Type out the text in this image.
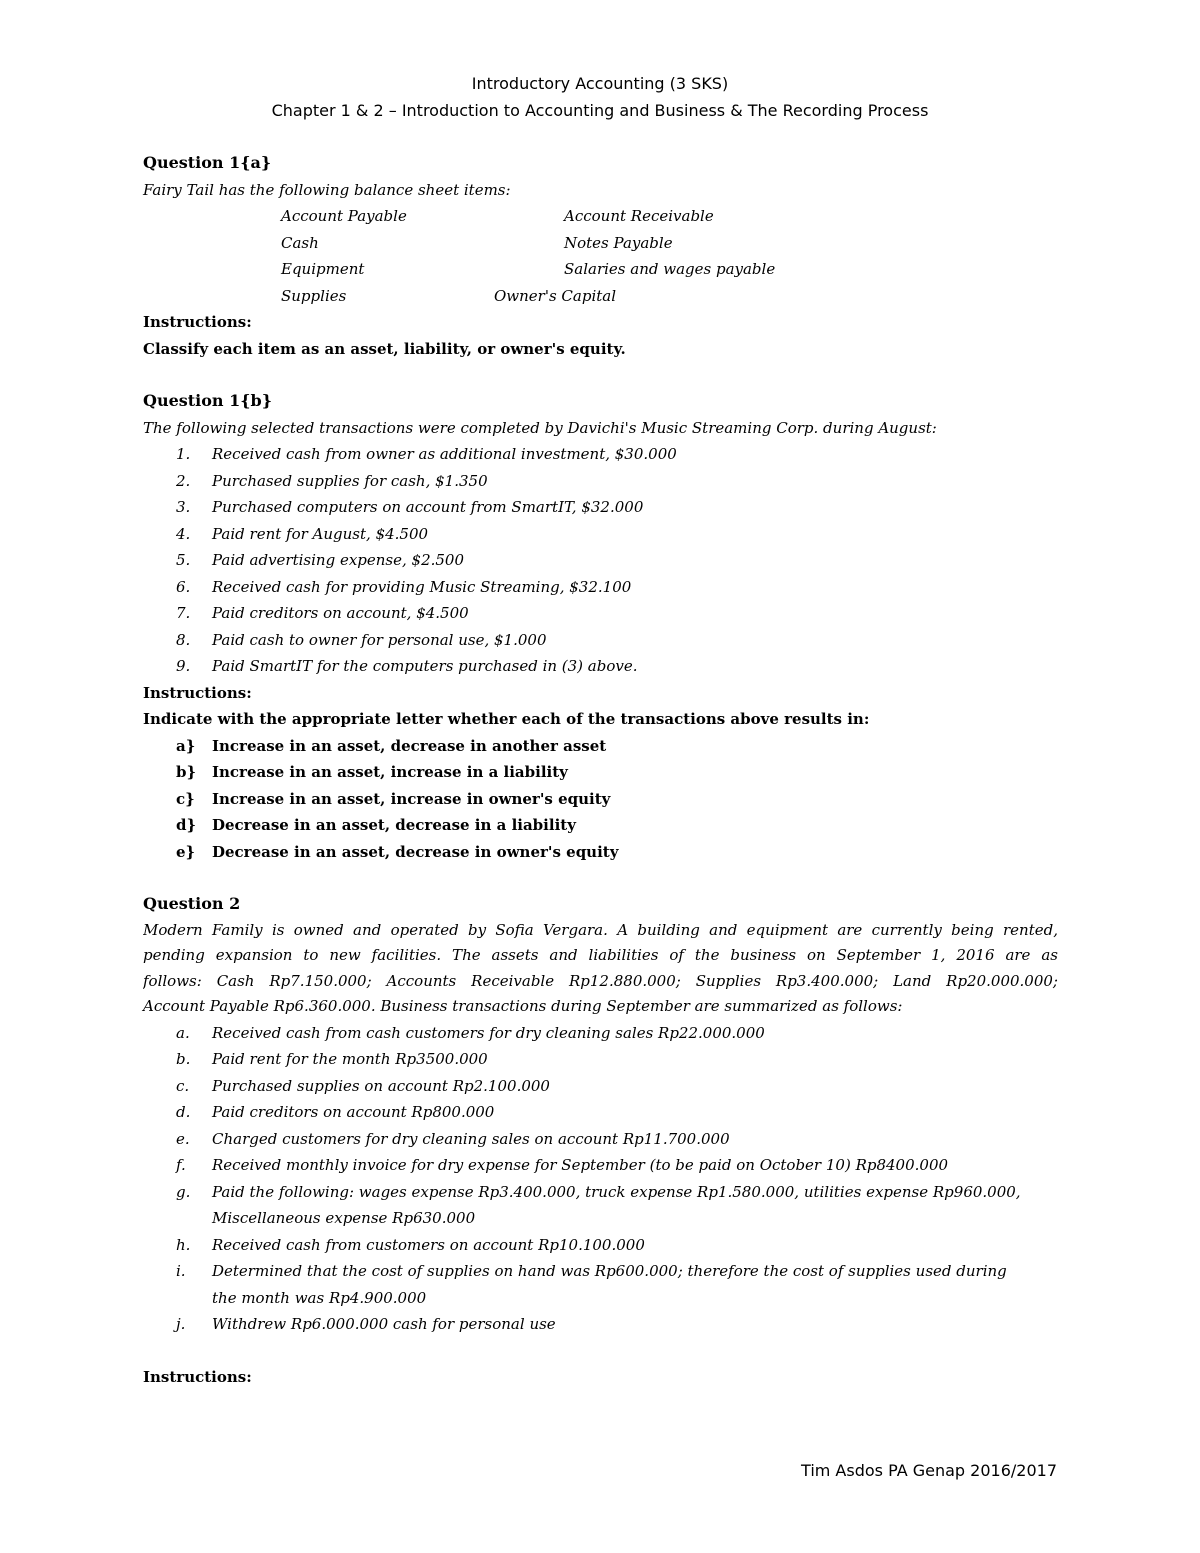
Introductory Accounting (3 SKS)
Chapter 1 & 2 – Introduction to Accounting and Business & The Recording Process
Question 1{a}
Fairy Tail has the following balance sheet items:
Account Payable	Account Receivable
Cash	Notes Payable
Equipment	Salaries and wages payable
Supplies	Owner's Capital
Instructions:
Classify each item as an asset, liability, or owner's equity.
Question 1{b}
The following selected transactions were completed by Davichi's Music Streaming Corp. during August:
1. Received cash from owner as additional investment, $30.000
2. Purchased supplies for cash, $1.350
3. Purchased computers on account from SmartIT, $32.000
4. Paid rent for August, $4.500
5. Paid advertising expense, $2.500
6. Received cash for providing Music Streaming, $32.100
7. Paid creditors on account, $4.500
8. Paid cash to owner for personal use, $1.000
9. Paid SmartIT for the computers purchased in (3) above.
Instructions:
Indicate with the appropriate letter whether each of the transactions above results in:
a} Increase in an asset, decrease in another asset
b} Increase in an asset, increase in a liability
c} Increase in an asset, increase in owner's equity
d} Decrease in an asset, decrease in a liability
e} Decrease in an asset, decrease in owner's equity
Question 2
Modern Family is owned and operated by Sofia Vergara. A building and equipment are currently being rented,
pending expansion to new facilities. The assets and liabilities of the business on September 1, 2016 are as
follows: Cash Rp7.150.000; Accounts Receivable Rp12.880.000; Supplies Rp3.400.000; Land Rp20.000.000;
Account Payable Rp6.360.000. Business transactions during September are summarized as follows:
a. Received cash from cash customers for dry cleaning sales Rp22.000.000
b. Paid rent for the month Rp3500.000
c. Purchased supplies on account Rp2.100.000
d. Paid creditors on account Rp800.000
e. Charged customers for dry cleaning sales on account Rp11.700.000
f. Received monthly invoice for dry expense for September (to be paid on October 10) Rp8400.000
g. Paid the following: wages expense Rp3.400.000, truck expense Rp1.580.000, utilities expense Rp960.000,
Miscellaneous expense Rp630.000
h. Received cash from customers on account Rp10.100.000
i. Determined that the cost of supplies on hand was Rp600.000; therefore the cost of supplies used during
the month was Rp4.900.000
j. Withdrew Rp6.000.000 cash for personal use
Instructions:
Tim Asdos PA Genap 2016/2017
